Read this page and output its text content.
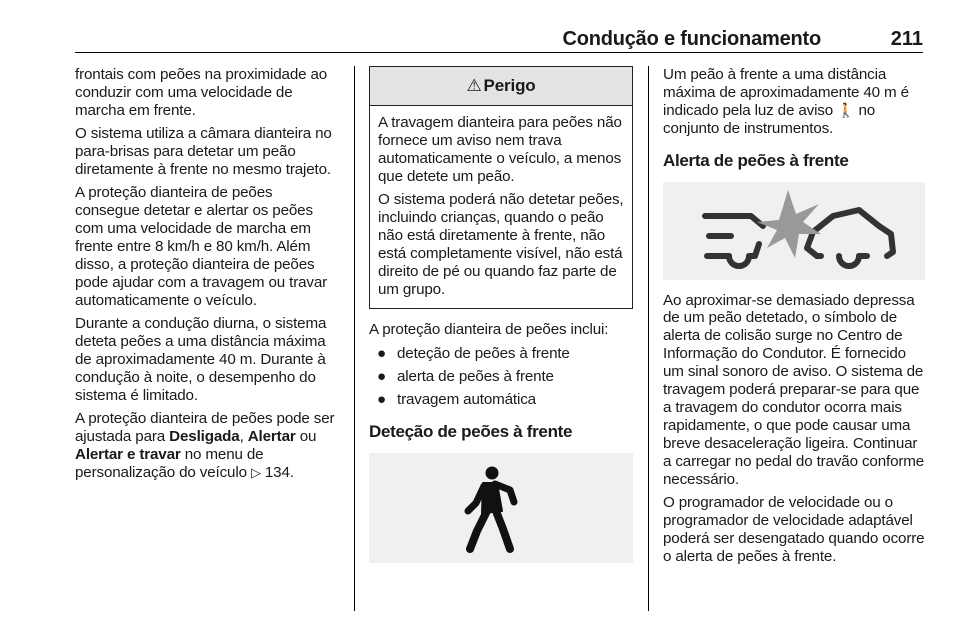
Condução e funcionamento	211

frontais com peões na proximidade ao conduzir com uma velocidade de marcha em frente.

O sistema utiliza a câmara dianteira no para-brisas para detetar um peão diretamente à frente no mesmo trajeto.

A proteção dianteira de peões consegue detetar e alertar os peões com uma velocidade de marcha em frente entre 8 km/h e 80 km/h. Além disso, a proteção dianteira de peões pode ajudar com a travagem ou travar automaticamente o veículo.

Durante a condução diurna, o sistema deteta peões a uma distância máxima de aproximadamente 40 m. Durante à condução à noite, o desempenho do sistema é limitado.

A proteção dianteira de peões pode ser ajustada para Desligada, Alertar ou Alertar e travar no menu de personalização do veículo ▷ 134.

⚠ Perigo

A travagem dianteira para peões não fornece um aviso nem trava automaticamente o veículo, a menos que detete um peão.

O sistema poderá não detetar peões, incluindo crianças, quando o peão não está diretamente à frente, não está completamente visível, não está direito de pé ou quando faz parte de um grupo.

A proteção dianteira de peões inclui:

● deteção de peões à frente
● alerta de peões à frente
● travagem automática
Deteção de peões à frente

Um peão à frente a uma distância máxima de aproximadamente 40 m é indicado pela luz de aviso 🚶 no conjunto de instrumentos.

Alerta de peões à frente

Ao aproximar-se demasiado depressa de um peão detetado, o símbolo de alerta de colisão surge no Centro de Informação do Condutor. É fornecido um sinal sonoro de aviso. O sistema de travagem poderá preparar-se para que a travagem do condutor ocorra mais rapidamente, o que pode causar uma breve desaceleração ligeira. Continuar a carregar no pedal do travão conforme necessário.

O programador de velocidade ou o programador de velocidade adaptável poderá ser desengatado quando ocorre o alerta de peões à frente.
